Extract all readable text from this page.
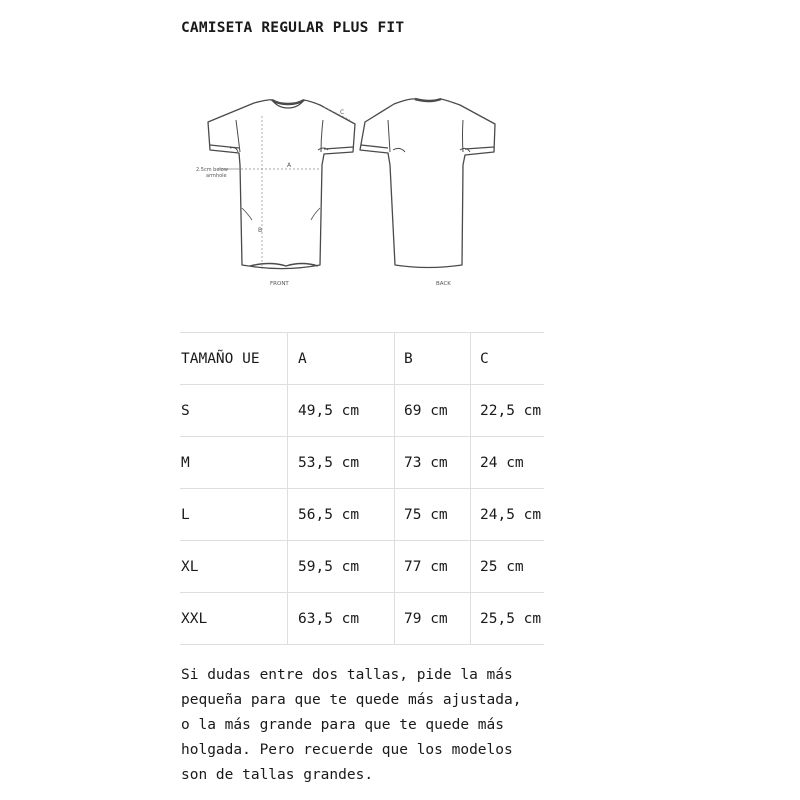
CAMISETA REGULAR PLUS FIT
C
A
B
2.5cm below
armhole
FRONT	BACK
TAMAÑO UE	A	B	C
S	49,5 cm	69 cm	22,5 cm
M	53,5 cm	73 cm	24 cm
L	56,5 cm	75 cm	24,5 cm
XL	59,5 cm	77 cm	25 cm
XXL	63,5 cm	79 cm	25,5 cm
Si dudas entre dos tallas, pide la más
pequeña para que te quede más ajustada,
o la más grande para que te quede más
holgada. Pero recuerde que los modelos
son de tallas grandes.
